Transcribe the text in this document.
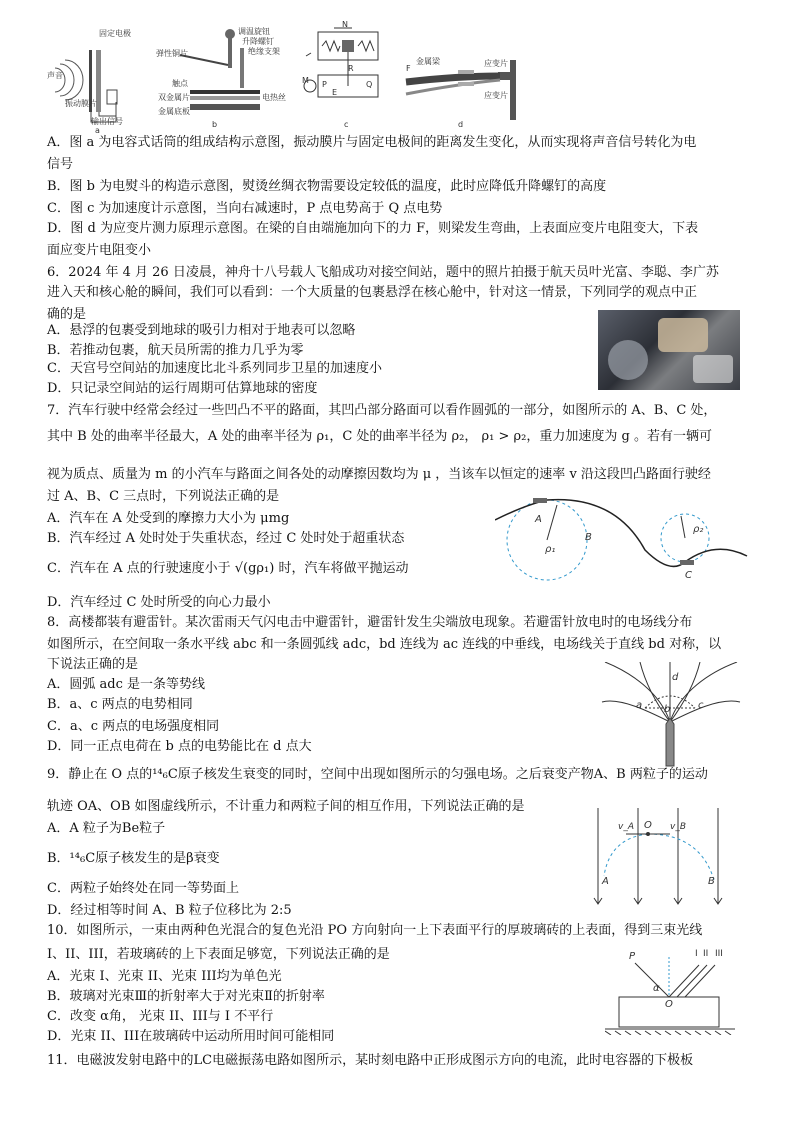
固定电极
声音
振动膜片
输出信号
a
弹性铜片
调温旋钮
升降螺钉
绝缘支架
触点
双金属片	电热丝
金属底板
b
N
M P	Q
E
R
c
F
金属梁	应变片
应变片
d
A．图 a 为电容式话筒的组成结构示意图，振动膜片与固定电极间的距离发生变化，从而实现将声音信号转化为电
信号
B．图 b 为电熨斗的构造示意图，熨烫丝绸衣物需要设定较低的温度，此时应降低升降螺钉的高度
C．图 c 为加速度计示意图，当向右减速时，P 点电势高于 Q 点电势
D．图 d 为应变片测力原理示意图。在梁的自由端施加向下的力 F，则梁发生弯曲，上表面应变片电阻变大，下表
面应变片电阻变小
6．2024 年 4 月 26 日凌晨，神舟十八号载人飞船成功对接空间站，题中的照片拍摄于航天员叶光富、李聪、李广苏
进入天和核心舱的瞬间，我们可以看到：一个大质量的包裹悬浮在核心舱中，针对这一情景，下列同学的观点中正
确的是
A．悬浮的包裹受到地球的吸引力相对于地表可以忽略
B．若推动包裹，航天员所需的推力几乎为零
C．天宫号空间站的加速度比北斗系列同步卫星的加速度小
D．只记录空间站的运行周期可估算地球的密度
7．汽车行驶中经常会经过一些凹凸不平的路面，其凹凸部分路面可以看作圆弧的一部分，如图所示的 A、B、C 处，
其中 B 处的曲率半径最大，A 处的曲率半径为 ρ₁，C 处的曲率半径为 ρ₂， ρ₁ > ρ₂，重力加速度为 g 。若有一辆可
视为质点、质量为 m 的小汽车与路面之间各处的动摩擦因数均为 μ ，当该车以恒定的速率 v 沿这段凹凸路面行驶经
过 A、B、C 三点时，下列说法正确的是
A．汽车在 A 处受到的摩擦力大小为 μmg
B．汽车经过 A 处时处于失重状态，经过 C 处时处于超重状态
C．汽车在 A 点的行驶速度小于 √(gρ₁) 时，汽车将做平抛运动
D．汽车经过 C 处时所受的向心力最小
8．高楼都装有避雷针。某次雷雨天气闪电击中避雷针，避雷针发生尖端放电现象。若避雷针放电时的电场线分布
如图所示，在空间取一条水平线 abc 和一条圆弧线 adc，bd 连线为 ac 连线的中垂线，电场线关于直线 bd 对称，以
下说法正确的是
A．圆弧 adc 是一条等势线
B．a、c 两点的电势相同
C．a、c 两点的电场强度相同
D．同一正点电荷在 b 点的电势能比在 d 点大
9．静止在 O 点的¹⁴₆C原子核发生衰变的同时，空间中出现如图所示的匀强电场。之后衰变产物A、B 两粒子的运动
轨迹 OA、OB 如图虚线所示，不计重力和两粒子间的相互作用，下列说法正确的是
A．A 粒子为Be粒子
B．¹⁴₆C原子核发生的是β衰变
C．两粒子始终处在同一等势面上
D．经过相等时间 A、B 粒子位移比为 2:5
10．如图所示，一束由两种色光混合的复色光沿 PO 方向射向一上下表面平行的厚玻璃砖的上表面，得到三束光线
I、II、III，若玻璃砖的上下表面足够宽，下列说法正确的是
A．光束 I、光束 II、光束 III均为单色光
B．玻璃对光束Ⅲ的折射率大于对光束Ⅱ的折射率
C．改变 α角， 光束 II、III与 I 不平行
D．光束 II、III在玻璃砖中运动所用时间可能相同
11．电磁波发射电路中的LC电磁振荡电路如图所示，某时刻电路中正形成图示方向的电流，此时电容器的下极板
A
B
C
ρ₁
ρ₂
d
a b	c
v_A O v_B
A	B
P	I II III
α
O
